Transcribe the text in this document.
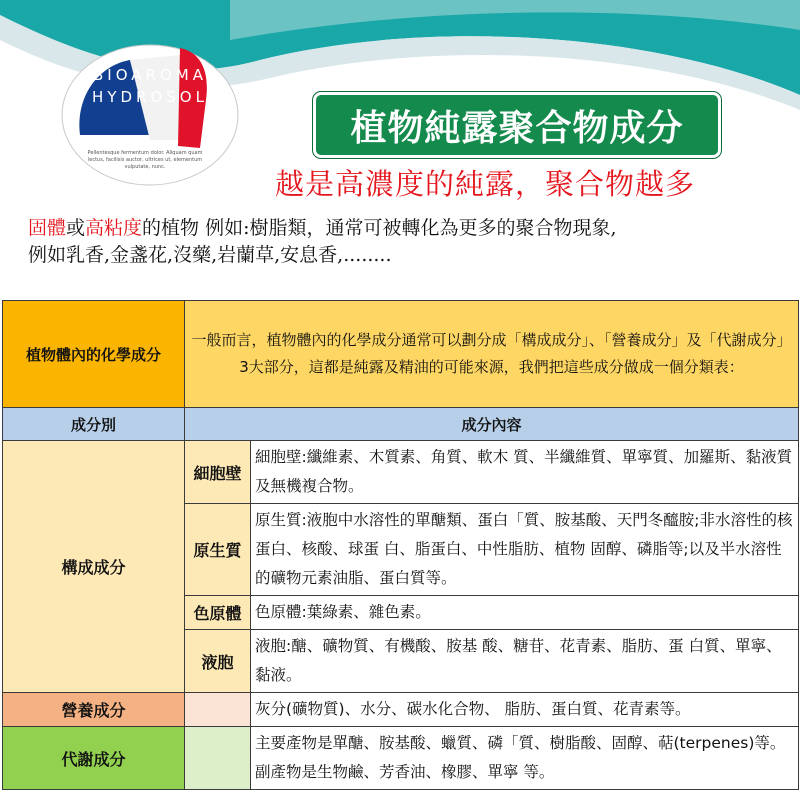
BIOAROMA
HYDROSOL
Pellentesque fermentum dolor. Aliquam quam lectus, facilisis auctor, ultrices ut, elementum vulputate, nunc.
植物純露聚合物成分
越是高濃度的純露，聚合物越多
固體或高粘度的植物 例如:樹脂類，通常可被轉化為更多的聚合物現象,
例如乳香,金盞花,沒藥,岩蘭草,安息香,........
植物體內的化學成分	一般而言，植物體內的化學成分通常可以劃分成「構成成分」、「營養成分」及「代謝成分」3大部分，這都是純露及精油的可能來源，我們把這些成分做成一個分類表：	
成分別	成分內容	
構成成分	細胞壁	細胞壁:纖維素、木質素、角質、軟木 質、半纖維質、單寧質、加羅斯、黏液質及無機複合物。
	原生質	原生質:液胞中水溶性的單醣類、蛋白「質、胺基酸、天門冬醯胺;非水溶性的核蛋白、核酸、球蛋 白、脂蛋白、中性脂肪、植物 固醇、磷脂等;以及半水溶性 的礦物元素油脂、蛋白質等。
	色原體	色原體:葉綠素、雜色素。
	液胞	液胞:醣、礦物質、有機酸、胺基 酸、糖苷、花青素、脂肪、蛋 白質、單寧、黏液。
營養成分		灰分(礦物質)、水分、碳水化合物、 脂肪、蛋白質、花青素等。
代謝成分		主要產物是單醣、胺基酸、蠟質、磷「質、樹脂酸、固醇、萜(terpenes)等。 副產物是生物鹼、芳香油、橡膠、單寧 等。
